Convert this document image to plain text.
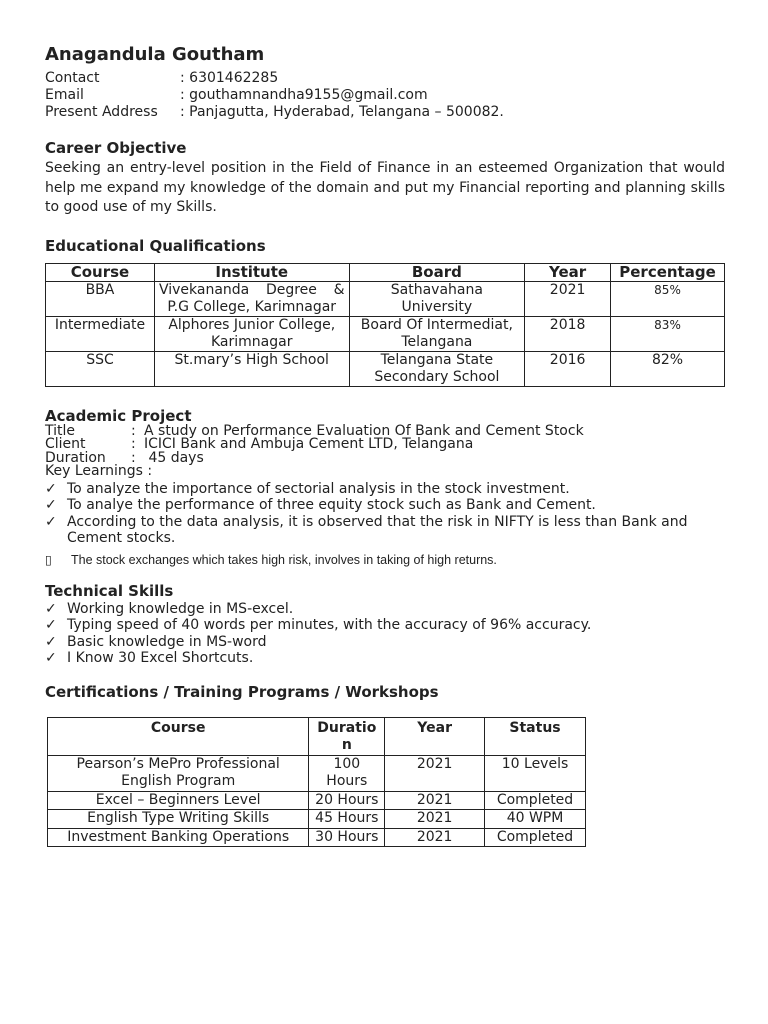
Anagandula Goutham
Contact	: 6301462285
Email	: gouthamnandha9155@gmail.com
Present Address	: Panjagutta, Hyderabad, Telangana – 500082.
Career Objective

Seeking an entry-level position in the Field of Finance in an esteemed Organization that would help me expand my knowledge of the domain and put my Financial reporting and planning skills to good use of my Skills.

Educational Qualifications
Course	Institute	Board	Year	Percentage
BBA	Vivekananda Degree & P.G College, Karimnagar	Sathavahana University	2021	85%
Intermediate	Alphores Junior College, Karimnagar	Board Of Intermediat, Telangana	2018	83%
SSC	St.mary’s High School	Telangana State Secondary School	2016	82%
Academic Project
Title	: A study on Performance Evaluation Of Bank and Cement Stock
Client	: ICICI Bank and Ambuja Cement LTD, Telangana
Duration	: 45 days
Key Learnings :
✓ To analyze the importance of sectorial analysis in the stock investment.
✓ To analye the performance of three equity stock such as Bank and Cement.
✓ According to the data analysis, it is observed that the risk in NIFTY is less than Bank and Cement stocks.
▯	The stock exchanges which takes high risk, involves in taking of high returns.
Technical Skills
✓ Working knowledge in MS-excel.
✓ Typing speed of 40 words per minutes, with the accuracy of 96% accuracy.
✓ Basic knowledge in MS-word
✓ I Know 30 Excel Shortcuts.
Certifications / Training Programs / Workshops
Course	Duration	Year	Status
Pearson’s MePro Professional English Program	100 Hours	2021	10 Levels
Excel – Beginners Level	20 Hours	2021	Completed
English Type Writing Skills	45 Hours	2021	40 WPM
Investment Banking Operations	30 Hours	2021	Completed
